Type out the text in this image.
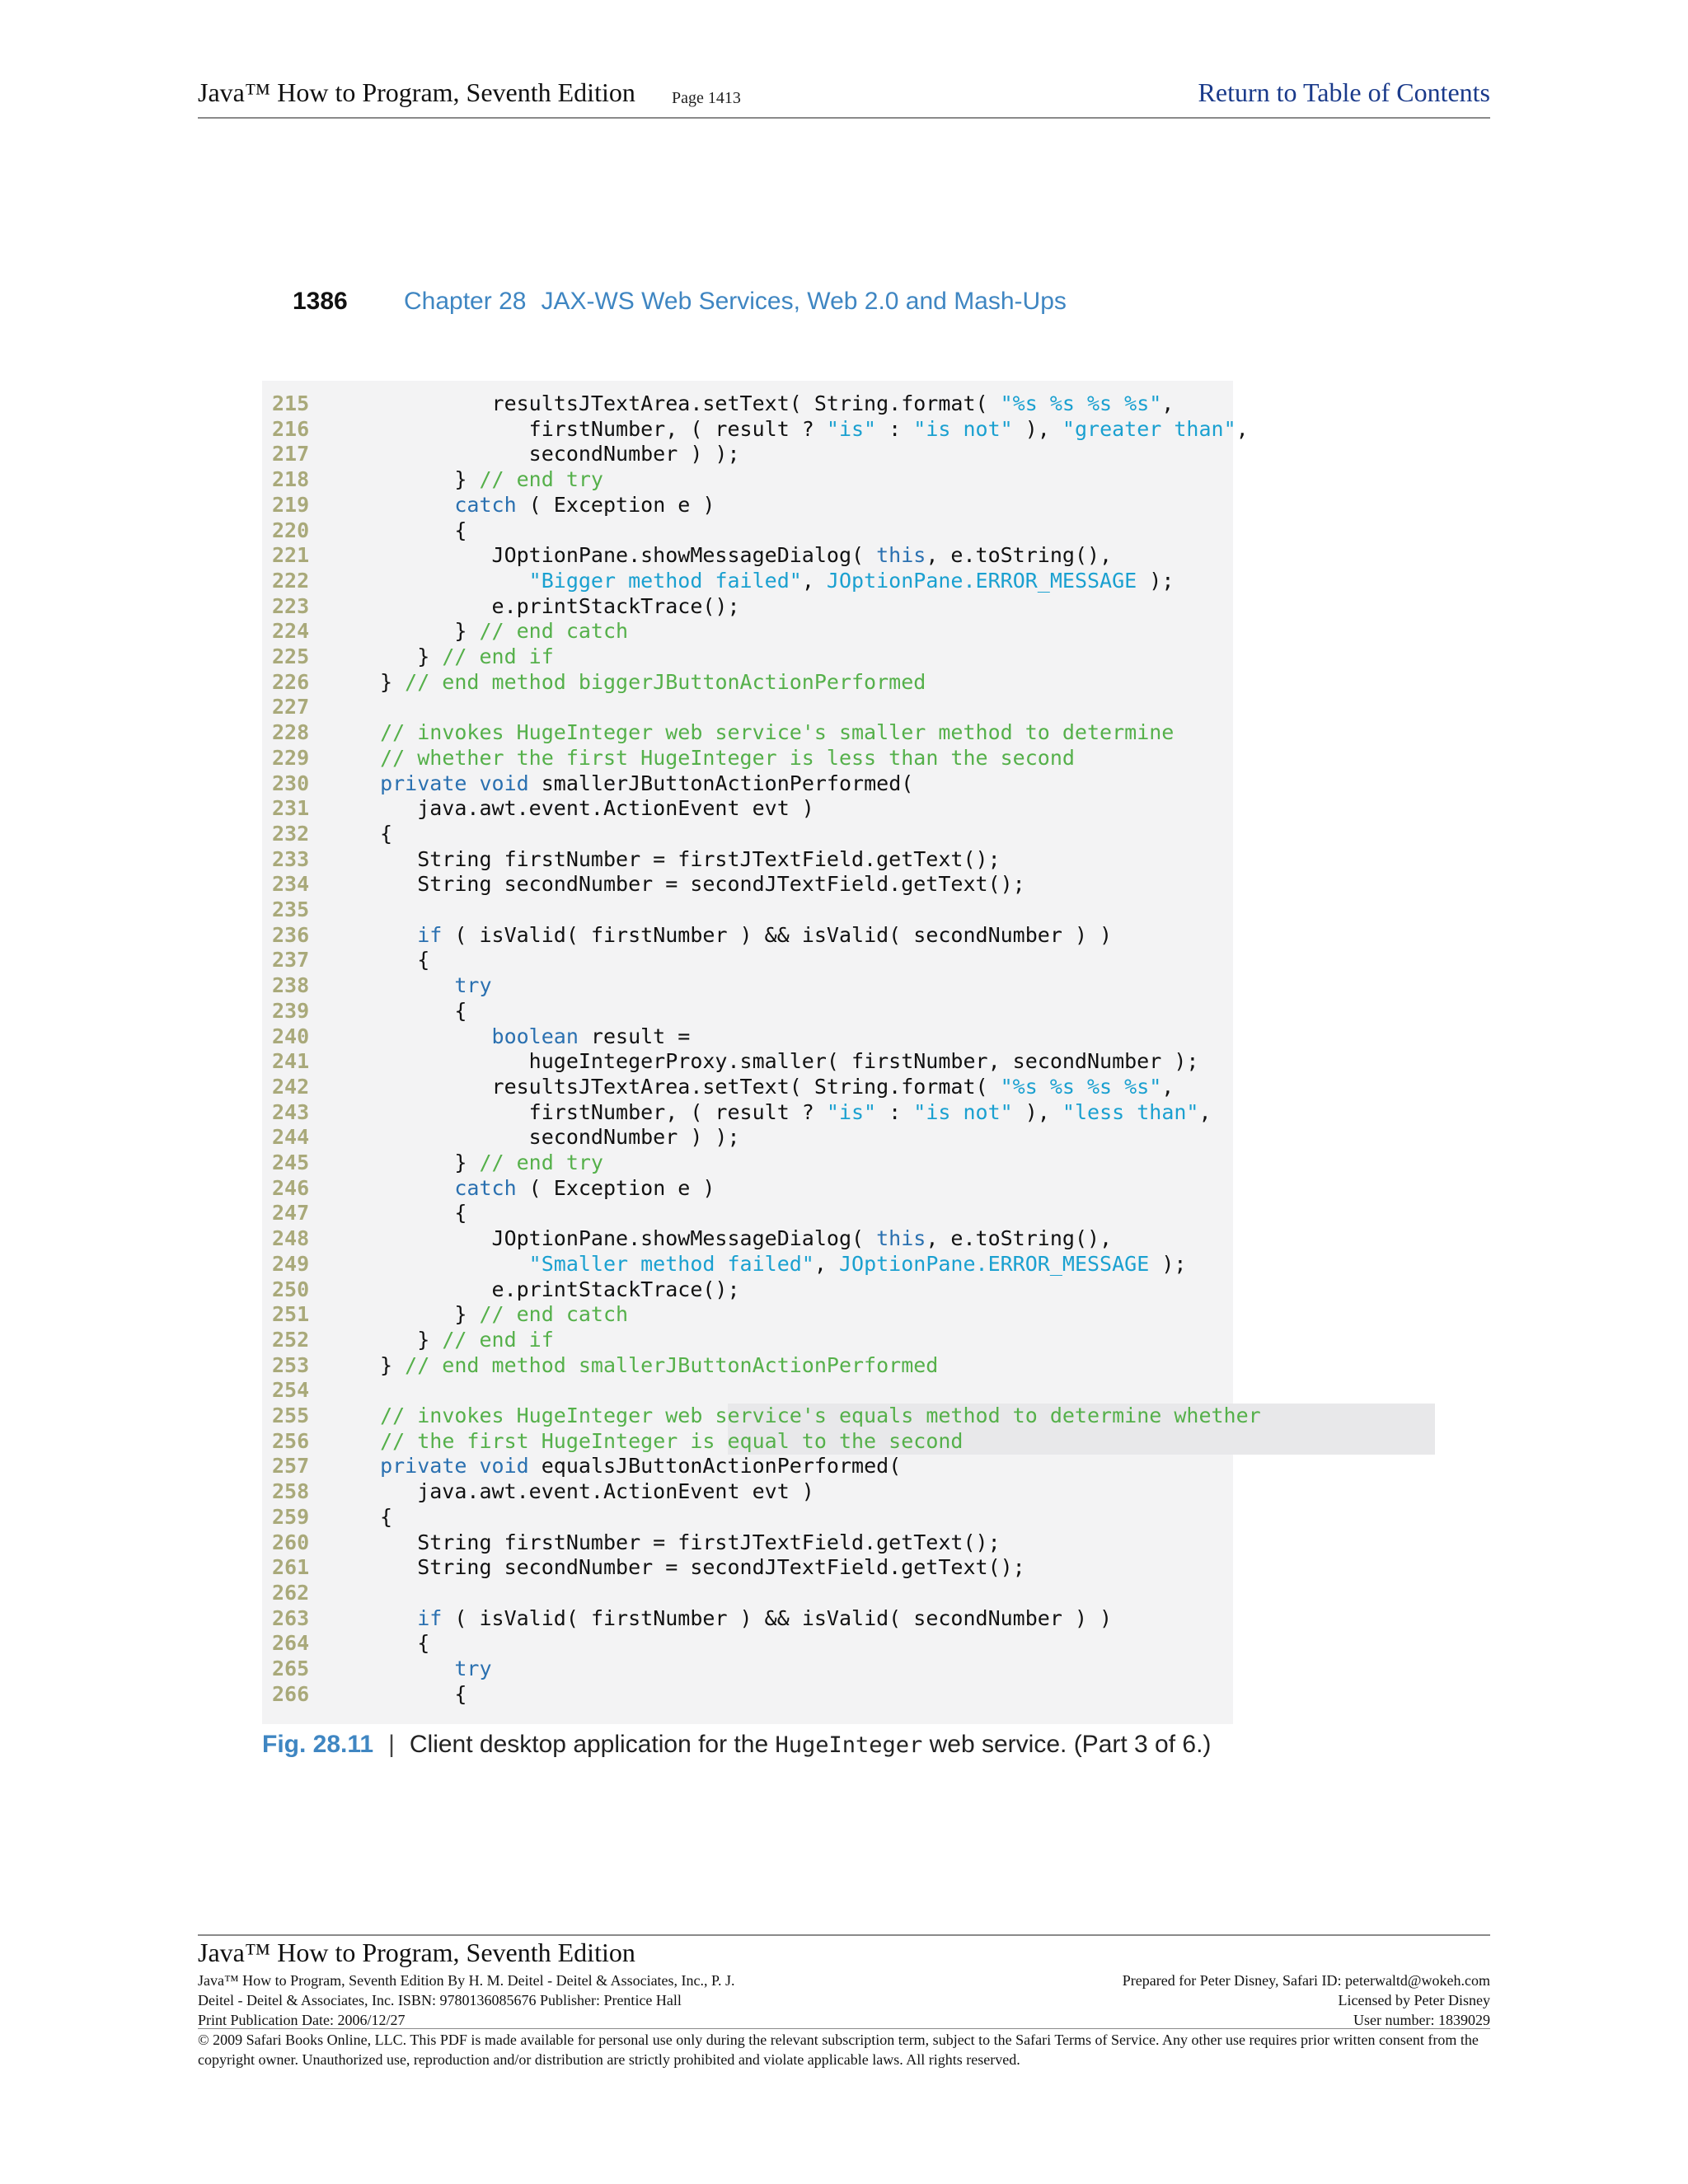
Java™ How to Program, Seventh Edition Page 1413	Return to Table of Contents
1386 Chapter 28 JAX-WS Web Services, Web 2.0 and Mash-Ups
215	resultsJTextArea.setText( String.format( "%s %s %s %s",
216	firstNumber, ( result ? "is" : "is not" ), "greater than",
217	secondNumber ) );
218	} // end try
219	catch ( Exception e )
220	{
221	JOptionPane.showMessageDialog( this, e.toString(),
222	"Bigger method failed", JOptionPane.ERROR_MESSAGE );
223	e.printStackTrace();
224	} // end catch
225	} // end if
226	} // end method biggerJButtonActionPerformed
227
228	// invokes HugeInteger web service's smaller method to determine
229	// whether the first HugeInteger is less than the second
230	private void smallerJButtonActionPerformed(
231	java.awt.event.ActionEvent evt )
232	{
233	String firstNumber = firstJTextField.getText();
234	String secondNumber = secondJTextField.getText();
235
236	if ( isValid( firstNumber ) && isValid( secondNumber ) )
237	{
238	try
239	{
240	boolean result =
241	hugeIntegerProxy.smaller( firstNumber, secondNumber );
242	resultsJTextArea.setText( String.format( "%s %s %s %s",
243	firstNumber, ( result ? "is" : "is not" ), "less than",
244	secondNumber ) );
245	} // end try
246	catch ( Exception e )
247	{
248	JOptionPane.showMessageDialog( this, e.toString(),
249	"Smaller method failed", JOptionPane.ERROR_MESSAGE );
250	e.printStackTrace();
251	} // end catch
252	} // end if
253	} // end method smallerJButtonActionPerformed
254
255	// invokes HugeInteger web service's equals method to determine whether
256	// the first HugeInteger is equal to the second
257	private void equalsJButtonActionPerformed(
258	java.awt.event.ActionEvent evt )
259	{
260	String firstNumber = firstJTextField.getText();
261	String secondNumber = secondJTextField.getText();
262
263	if ( isValid( firstNumber ) && isValid( secondNumber ) )
264	{
265	try
266	{
Fig. 28.11 | Client desktop application for the HugeInteger web service. (Part 3 of 6.)
Java™ How to Program, Seventh Edition
Java™ How to Program, Seventh Edition By H. M. Deitel - Deitel & Associates, Inc., P. J.
Deitel - Deitel & Associates, Inc. ISBN: 9780136085676 Publisher: Prentice Hall
Print Publication Date: 2006/12/27
Prepared for Peter Disney, Safari ID: peterwaltd@wokeh.com
Licensed by Peter Disney
User number: 1839029
© 2009 Safari Books Online, LLC. This PDF is made available for personal use only during the relevant subscription term, subject to the Safari Terms of Service. Any other use requires prior written consent from the copyright owner. Unauthorized use, reproduction and/or distribution are strictly prohibited and violate applicable laws. All rights reserved.
